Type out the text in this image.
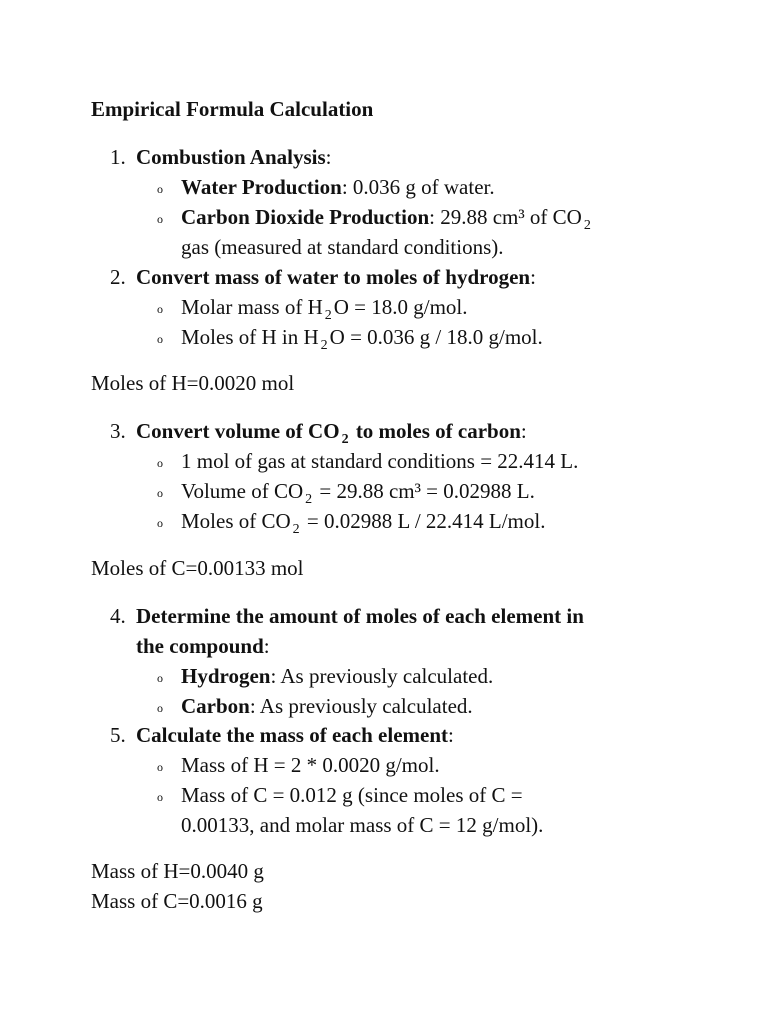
Empirical Formula Calculation
1. Combustion Analysis:
o Water Production: 0.036 g of water.
o Carbon Dioxide Production: 29.88 cm³ of CO $_2$
gas (measured at standard conditions).
2. Convert mass of water to moles of hydrogen:
o Molar mass of H $_2$O = 18.0 g/mol.
o Moles of H in H $_2$O = 0.036 g / 18.0 g/mol.
Moles of H=0.0020 mol
3. Convert volume of CO $_2$ to moles of carbon:
o 1 mol of gas at standard conditions = 22.414 L.
o Volume of CO $_2$ = 29.88 cm³ = 0.02988 L.
o Moles of CO $_2$ = 0.02988 L / 22.414 L/mol.
Moles of C=0.00133 mol
4. Determine the amount of moles of each element in
the compound:
o Hydrogen: As previously calculated.
o Carbon: As previously calculated.
5. Calculate the mass of each element:
o Mass of H = 2 * 0.0020 g/mol.
o Mass of C = 0.012 g (since moles of C =
0.00133, and molar mass of C = 12 g/mol).
Mass of H=0.0040 g
Mass of C=0.0016 g
